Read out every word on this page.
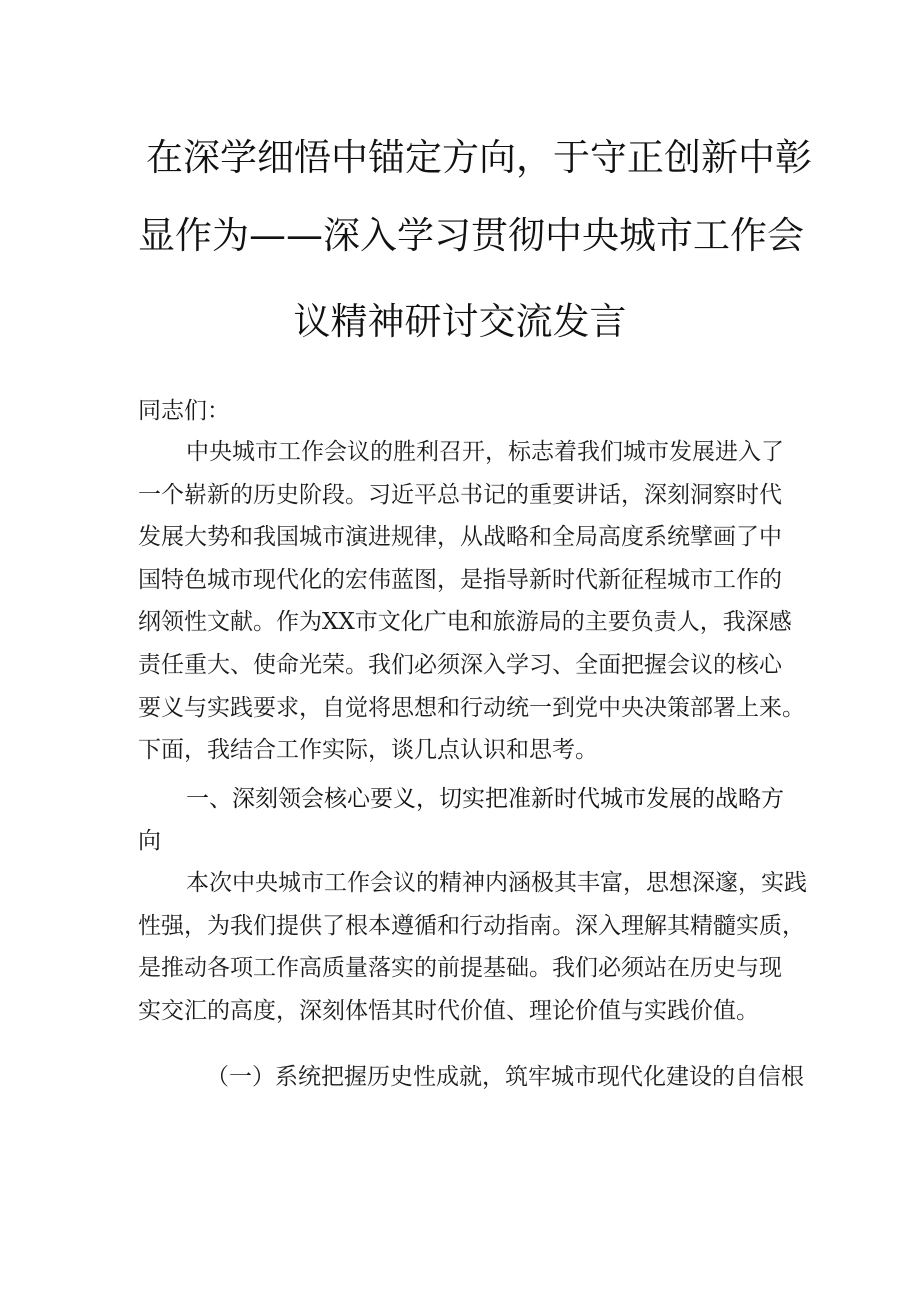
在深学细悟中锚定方向，于守正创新中彰
显作为——深入学习贯彻中央城市工作会
议精神研讨交流发言
同志们：
中央城市工作会议的胜利召开，标志着我们城市发展进入了
一个崭新的历史阶段。习近平总书记的重要讲话，深刻洞察时代
发展大势和我国城市演进规律，从战略和全局高度系统擘画了中
国特色城市现代化的宏伟蓝图，是指导新时代新征程城市工作的
纲领性文献。作为XX市文化广电和旅游局的主要负责人，我深感
责任重大、使命光荣。我们必须深入学习、全面把握会议的核心
要义与实践要求，自觉将思想和行动统一到党中央决策部署上来。
下面，我结合工作实际，谈几点认识和思考。
一、深刻领会核心要义，切实把准新时代城市发展的战略方
向
本次中央城市工作会议的精神内涵极其丰富，思想深邃，实践
性强，为我们提供了根本遵循和行动指南。深入理解其精髓实质，
是推动各项工作高质量落实的前提基础。我们必须站在历史与现
实交汇的高度，深刻体悟其时代价值、理论价值与实践价值。
（一）系统把握历史性成就，筑牢城市现代化建设的自信根
